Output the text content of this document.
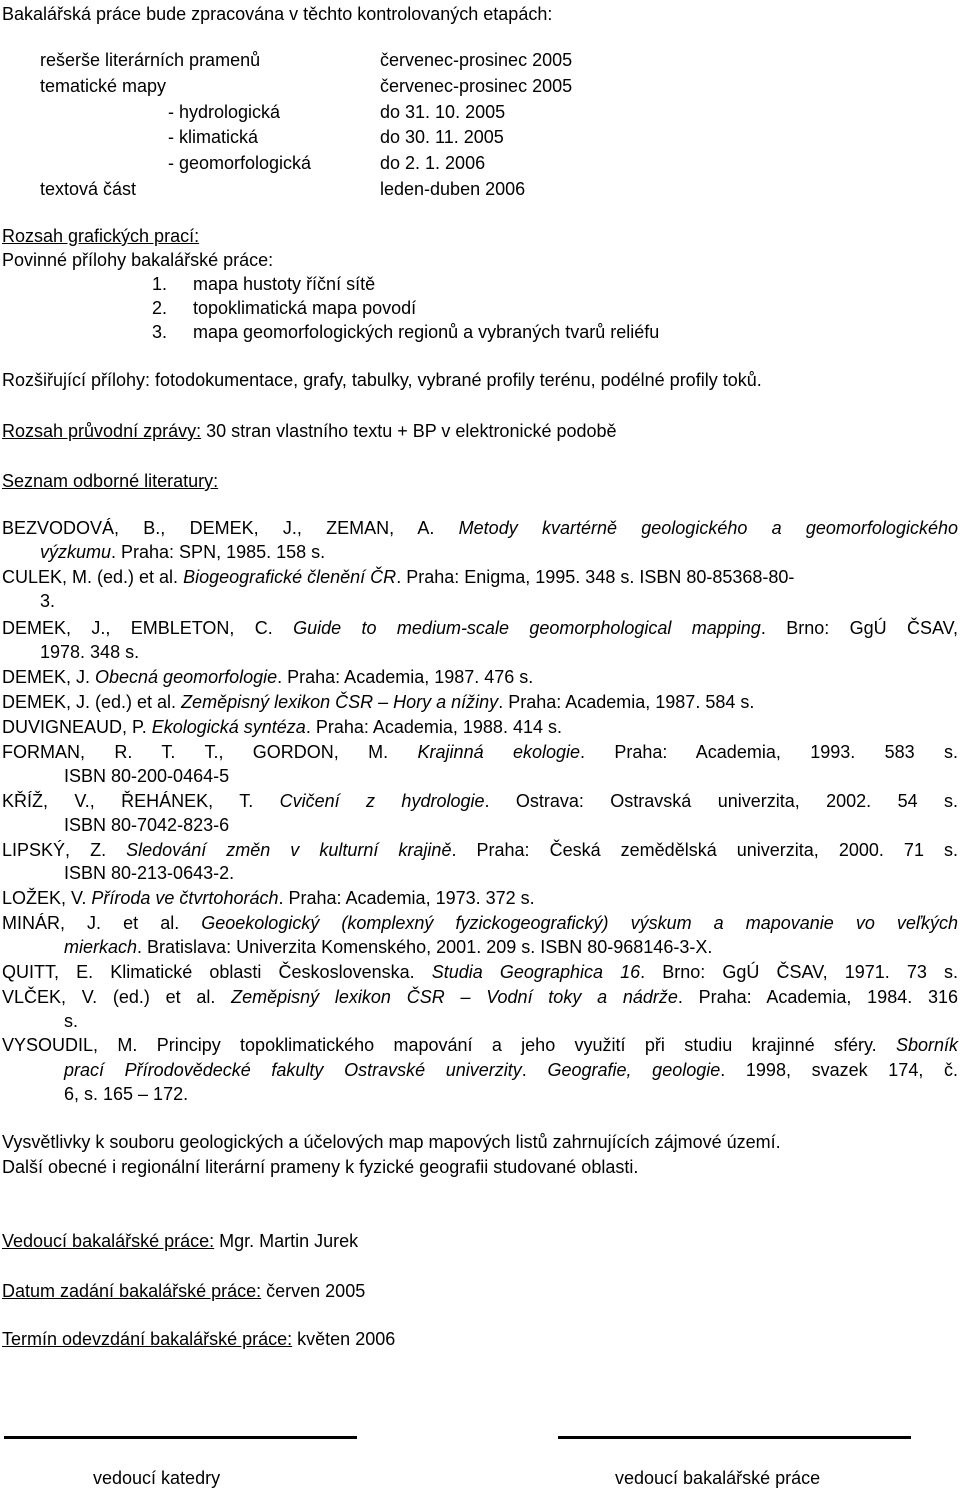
Bakalářská práce bude zpracována v těchto kontrolovaných etapách:
rešerše literárních pramenů	červenec-prosinec 2005
tematické mapy	červenec-prosinec 2005
- hydrologická	do 31. 10. 2005
- klimatická	do 30. 11. 2005
- geomorfologická	do 2. 1. 2006
textová část	leden-duben 2006
Rozsah grafických prací:
Povinné přílohy bakalářské práce:
1. mapa hustoty říční sítě
2. topoklimatická mapa povodí
3. mapa geomorfologických regionů a vybraných tvarů reliéfu
Rozšiřující přílohy: fotodokumentace, grafy, tabulky, vybrané profily terénu, podélné profily toků.
Rozsah průvodní zprávy: 30 stran vlastního textu + BP v elektronické podobě
Seznam odborné literatury:
BEZVODOVÁ, B., DEMEK, J., ZEMAN, A. Metody kvartérně geologického a geomorfologického
výzkumu. Praha: SPN, 1985. 158 s.
CULEK, M. (ed.) et al. Biogeografické členění ČR. Praha: Enigma, 1995. 348 s. ISBN 80-85368-80-
3.
DEMEK, J., EMBLETON, C. Guide to medium-scale geomorphological mapping. Brno: GgÚ ČSAV,
1978. 348 s.
DEMEK, J. Obecná geomorfologie. Praha: Academia, 1987. 476 s.
DEMEK, J. (ed.) et al. Zeměpisný lexikon ČSR – Hory a nížiny. Praha: Academia, 1987. 584 s.
DUVIGNEAUD, P. Ekologická syntéza. Praha: Academia, 1988. 414 s.
FORMAN, R. T. T., GORDON, M. Krajinná ekologie. Praha: Academia, 1993. 583 s.
ISBN 80-200-0464-5
KŘÍŽ, V., ŘEHÁNEK, T. Cvičení z hydrologie. Ostrava: Ostravská univerzita, 2002. 54 s.
ISBN 80-7042-823-6
LIPSKÝ, Z. Sledování změn v kulturní krajině. Praha: Česká zemědělská univerzita, 2000. 71 s.
ISBN 80-213-0643-2.
LOŽEK, V. Příroda ve čtvrtohorách. Praha: Academia, 1973. 372 s.
MINÁR, J. et al. Geoekologický (komplexný fyzickogeografický) výskum a mapovanie vo veľkých
mierkach. Bratislava: Univerzita Komenského, 2001. 209 s. ISBN 80-968146-3-X.
QUITT, E. Klimatické oblasti Československa. Studia Geographica 16. Brno: GgÚ ČSAV, 1971. 73 s.
VLČEK, V. (ed.) et al. Zeměpisný lexikon ČSR – Vodní toky a nádrže. Praha: Academia, 1984. 316
s.
VYSOUDIL, M. Principy topoklimatického mapování a jeho využití při studiu krajinné sféry. Sborník
prací Přírodovědecké fakulty Ostravské univerzity. Geografie, geologie. 1998, svazek 174, č.
6, s. 165 – 172.
Vysvětlivky k souboru geologických a účelových map mapových listů zahrnujících zájmové území.
Další obecné i regionální literární prameny k fyzické geografii studované oblasti.
Vedoucí bakalářské práce: Mgr. Martin Jurek
Datum zadání bakalářské práce: červen 2005
Termín odevzdání bakalářské práce: květen 2006
vedoucí katedry	vedoucí bakalářské práce
